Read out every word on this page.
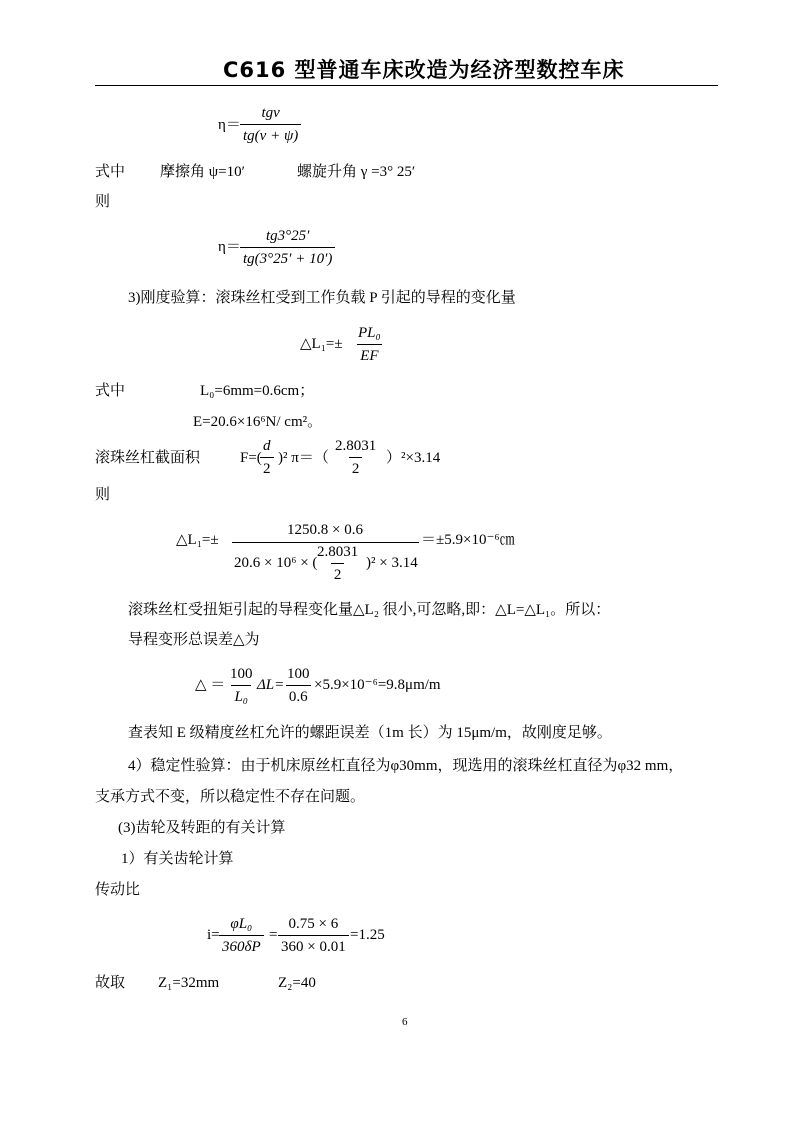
C616 型普通车床改造为经济型数控车床
η＝
tgv
tg(v + ψ)
式中 摩擦角 ψ=10′	螺旋升角 γ =3° 25′
则
$\eta= \frac{tg3^\circ 25'}{tg(3^\circ 25' + 10')}$
3)刚度验算：滚珠丝杠受到工作负载 P 引起的导程的变化量
△L₁=± $\frac{\text{PL₀}}{EF}$
式中	L₀=6mm=0.6cm；
E=20.6×16⁶N/ cm²。
滚珠丝杠截面积	F=(
$\frac{d}{2} )^2$ $\pi=( \frac{2.8031}{2} )^2\times 3.14$
则
△L₁=±
1250.8 × 0.6
20.6 × 10⁶ × (
$\frac{2.8031}{2} )^2 \times 3.14$
＝±5.9×10⁻⁶㎝
滚珠丝杠受扭矩引起的导程变化量△L₂ 很小,可忽略,即：△L=△L₁。所以：
导程变形总误差△为
△ ＝ $\frac{100}{\text{L₀}} \Delta L= \frac{100}{0.6} \times 5.9\times 10^{-6}=9.8\mu m/m$
查表知 E 级精度丝杠允许的螺距误差（1m 长）为 15μm/m，故刚度足够。
4）稳定性验算：由于机床原丝杠直径为φ30mm，现选用的滚珠丝杠直径为φ32 mm，
支承方式不变，所以稳定性不存在问题。
(3)齿轮及转距的有关计算
1）有关齿轮计算
传动比
$i= \frac{\text{φL₀}}{360\delta P} = \frac{0.75 \times 6}{360 \times 0.01} =1.25$
故取 Z₁=32mm	Z₂=40
6
